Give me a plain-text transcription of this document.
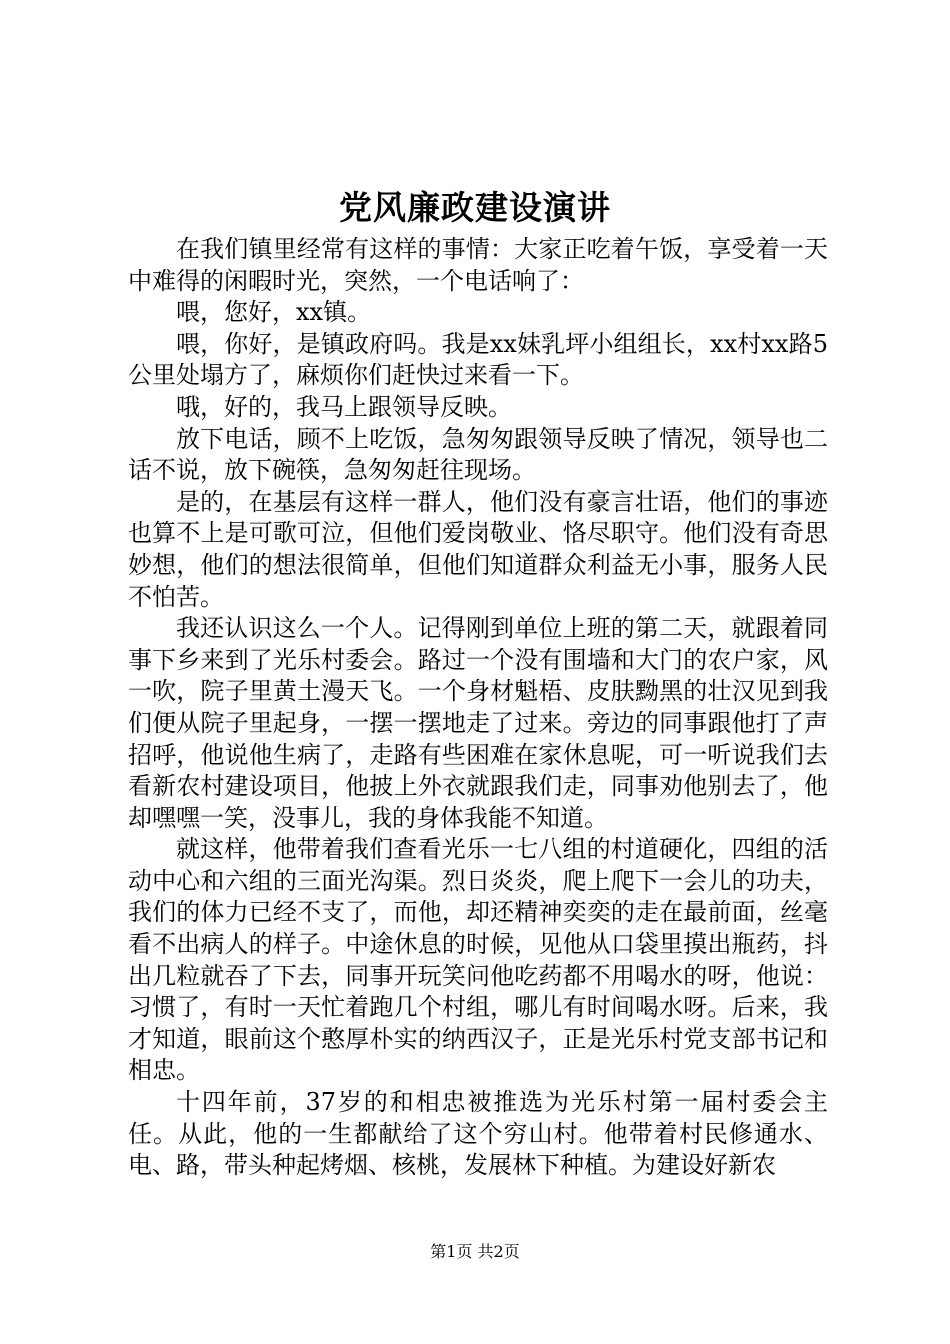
党风廉政建设演讲

在我们镇里经常有这样的事情：大家正吃着午饭，享受着一天中难得的闲暇时光，突然，一个电话响了：

喂，您好，xx镇。

喂，你好，是镇政府吗。我是xx妹乳坪小组组长，xx村xx路5公里处塌方了，麻烦你们赶快过来看一下。

哦，好的，我马上跟领导反映。

放下电话，顾不上吃饭，急匆匆跟领导反映了情况，领导也二话不说，放下碗筷，急匆匆赶往现场。

是的，在基层有这样一群人，他们没有豪言壮语，他们的事迹也算不上是可歌可泣，但他们爱岗敬业、恪尽职守。他们没有奇思妙想，他们的想法很简单，但他们知道群众利益无小事，服务人民不怕苦。

我还认识这么一个人。记得刚到单位上班的第二天，就跟着同事下乡来到了光乐村委会。路过一个没有围墙和大门的农户家，风一吹，院子里黄土漫天飞。一个身材魁梧、皮肤黝黑的壮汉见到我们便从院子里起身，一摆一摆地走了过来。旁边的同事跟他打了声招呼，他说他生病了，走路有些困难在家休息呢，可一听说我们去看新农村建设项目，他披上外衣就跟我们走，同事劝他别去了，他却嘿嘿一笑，没事儿，我的身体我能不知道。

就这样，他带着我们查看光乐一七八组的村道硬化，四组的活动中心和六组的三面光沟渠。烈日炎炎，爬上爬下一会儿的功夫，我们的体力已经不支了，而他，却还精神奕奕的走在最前面，丝毫看不出病人的样子。中途休息的时候，见他从口袋里摸出瓶药，抖出几粒就吞了下去，同事开玩笑问他吃药都不用喝水的呀，他说：习惯了，有时一天忙着跑几个村组，哪儿有时间喝水呀。后来，我才知道，眼前这个憨厚朴实的纳西汉子，正是光乐村党支部书记和相忠。

十四年前，37岁的和相忠被推选为光乐村第一届村委会主任。从此，他的一生都献给了这个穷山村。他带着村民修通水、电、路，带头种起烤烟、核桃，发展林下种植。为建设好新农

第1页 共2页
